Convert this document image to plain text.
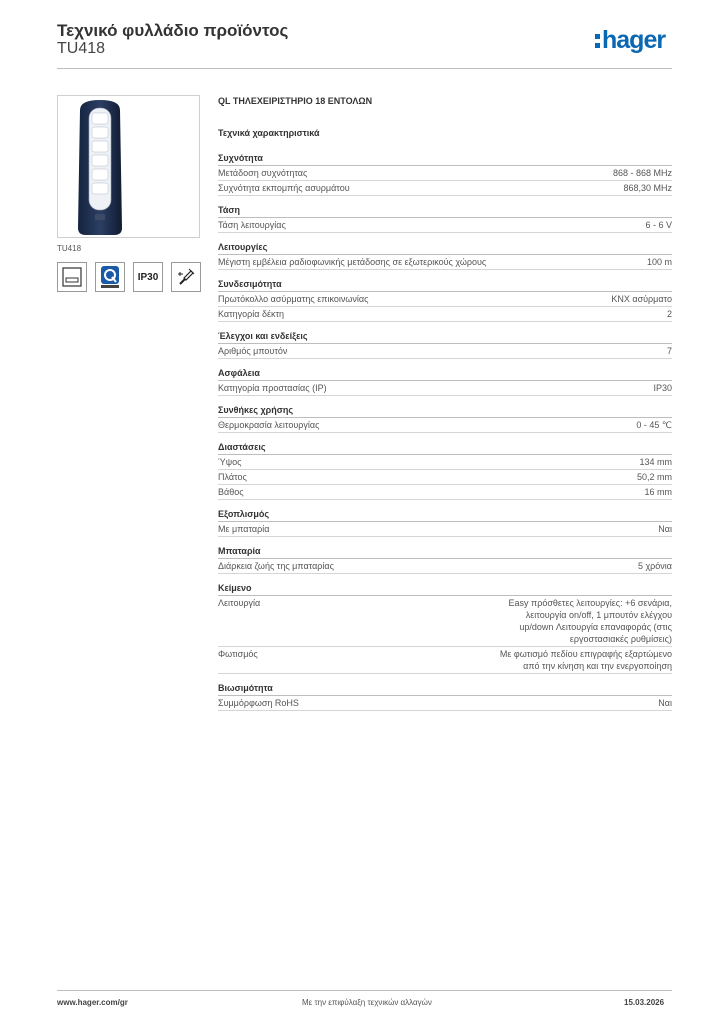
Τεχνικό φυλλάδιο προϊόντος
TU418	hager
TU418
IP30
QL ΤΗΛΕΧΕΙΡΙΣΤΗΡΙΟ 18 ΕΝΤΟΛΩΝ
Τεχνικά χαρακτηριστικά
Συχνότητα
Μετάδοση συχνότητας	868 - 868 MHz
Συχνότητα εκπομπής ασυρμάτου	868,30 MHz
Τάση
Τάση λειτουργίας	6 - 6 V
Λειτουργίες
Μέγιστη εμβέλεια ραδιοφωνικής μετάδοσης σε εξωτερικούς χώρους	100 m
Συνδεσιμότητα
Πρωτόκολλο ασύρματης επικοινωνίας	KNX ασύρματο
Κατηγορία δέκτη	2
Έλεγχοι και ενδείξεις
Αριθμός μπουτόν	7
Ασφάλεια
Κατηγορία προστασίας (IP)	IP30
Συνθήκες χρήσης
Θερμοκρασία λειτουργίας	0 - 45 ℃
Διαστάσεις
Ύψος	134 mm
Πλάτος	50,2 mm
Βάθος	16 mm
Εξοπλισμός
Με μπαταρία	Ναι
Μπαταρία
Διάρκεια ζωής της μπαταρίας	5 χρόνια
Κείμενο
Λειτουργία	Easy πρόσθετες λειτουργίες: +6 σενάρια, λειτουργία on/off, 1 μπουτόν ελέγχου up/down Λειτουργία επαναφοράς (στις εργοστασιακές ρυθμίσεις)
Φωτισμός	Με φωτισμό πεδίου επιγραφής εξαρτώμενο από την κίνηση και την ενεργοποίηση
Βιωσιμότητα
Συμμόρφωση RoHS	Ναι
www.hager.com/gr	Με την επιφύλαξη τεχνικών αλλαγών	15.03.2026
